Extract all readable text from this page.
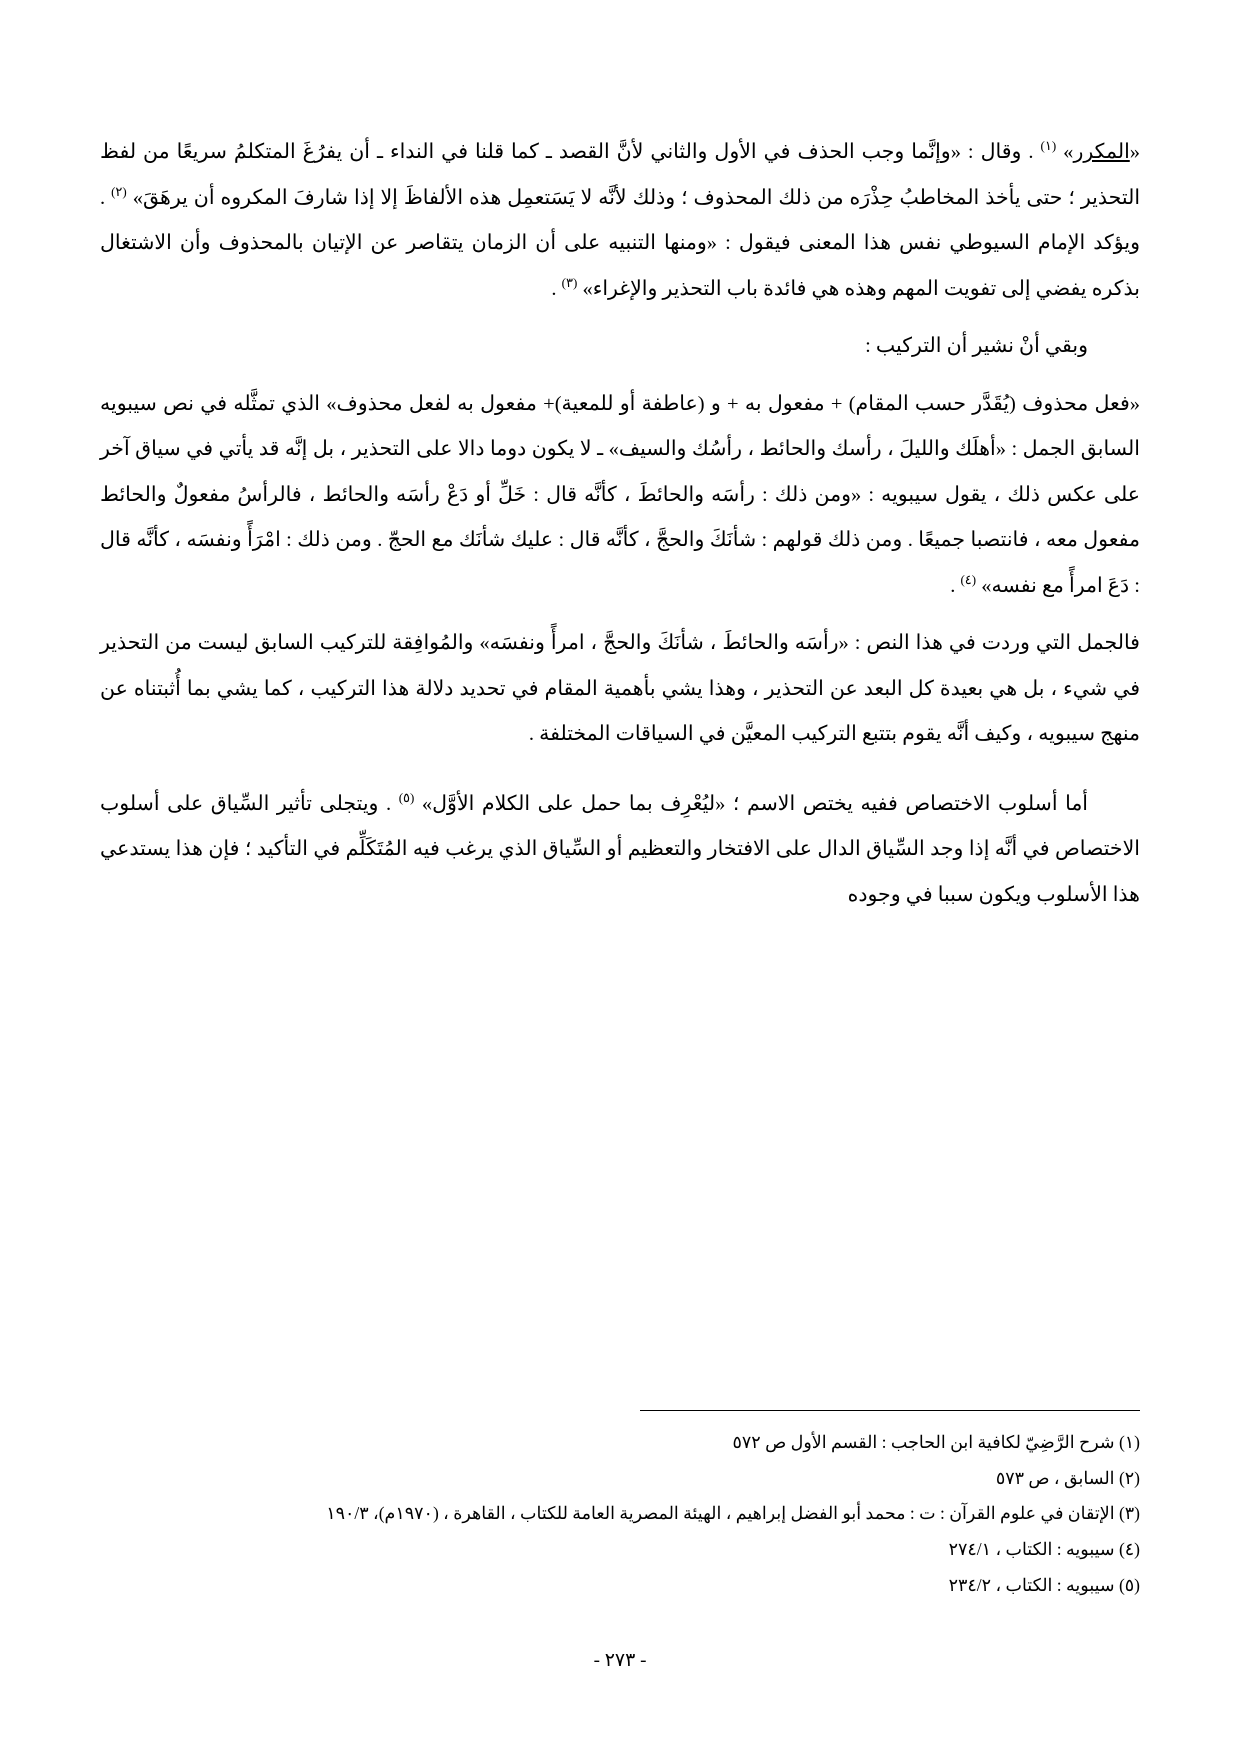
«المكرر» $^{(١)}$ . وقال : «وإنَّما وجب الحذف في الأول والثاني لأنَّ القصد ـ كما قلنا في النداء ـ أن يفرُغَ المتكلمُ سريعًا من لفظ التحذير ؛ حتى يأخذ المخاطبُ حِذْرَه من ذلك المحذوف ؛ وذلك لأنَّه لا يَسَتعمِل هذه الألفاظَ إلا إذا شارفَ المكروه أن يرهَقَ» $^{(٢)}$ . ويؤكد الإمام السيوطي نفس هذا المعنى فيقول : «ومنها التنبيه على أن الزمان يتقاصر عن الإتيان بالمحذوف وأن الاشتغال بذكره يفضي إلى تفويت المهم وهذه هي فائدة باب التحذير والإغراء» $^{(٣)}$ .

وبقي أنْ نشير أن التركيب :

«فعل محذوف (يُقَدَّر حسب المقام) + مفعول به + و (عاطفة أو للمعية)+ مفعول به لفعل محذوف» الذي تمثَّله في نص سيبويه السابق الجمل : «أهلَك والليلَ ، رأسك والحائط ، رأسُك والسيف» ـ لا يكون دوما دالا على التحذير ، بل إنَّه قد يأتي في سياق آخر على عكس ذلك ، يقول سيبويه : «ومن ذلك : رأسَه والحائطَ ، كأنَّه قال : خَلِّ أو دَعْ رأسَه والحائط ، فالرأسُ مفعولٌ والحائط مفعول معه ، فانتصبا جميعًا . ومن ذلك قولهم : شأنَكَ والحجَّ ، كأنَّه قال : عليك شأنَك مع الحجّ . ومن ذلك : امْرَأً ونفسَه ، كأنَّه قال : دَعَ امرأً مع نفسه» $^{(٤)}$ .

فالجمل التي وردت في هذا النص : «رأسَه والحائطَ ، شأنَكَ والحجَّ ، امرأً ونفسَه» والمُوافِقة للتركيب السابق ليست من التحذير في شيء ، بل هي بعيدة كل البعد عن التحذير ، وهذا يشي بأهمية المقام في تحديد دلالة هذا التركيب ، كما يشي بما أُثبتناه عن منهج سيبويه ، وكيف أنَّه يقوم بتتبع التركيب المعيَّن في السياقات المختلفة .

أما أسلوب الاختصاص ففيه يختص الاسم ؛ «ليُعْرِف بما حمل على الكلام الأوَّل» $^{(٥)}$ . ويتجلى تأثير السِّياق على أسلوب الاختصاص في أنَّه إذا وجد السِّياق الدال على الافتخار والتعظيم أو السِّياق الذي يرغب فيه المُتَكَلِّم في التأكيد ؛ فإن هذا يستدعي هذا الأسلوب ويكون سببا في وجوده

(١) شرح الرَّضِيّ لكافية ابن الحاجب : القسم الأول ص ٥٧٢

(٢) السابق ، ص ٥٧٣

(٣) الإتقان في علوم القرآن : ت : محمد أبو الفضل إبراهيم ، الهيئة المصرية العامة للكتاب ، القاهرة ، (١٩٧٠م)، ١٩٠/٣

(٤) سيبويه : الكتاب ، ٢٧٤/١

(٥) سيبويه : الكتاب ، ٢٣٤/٢

- ٢٧٣ -
